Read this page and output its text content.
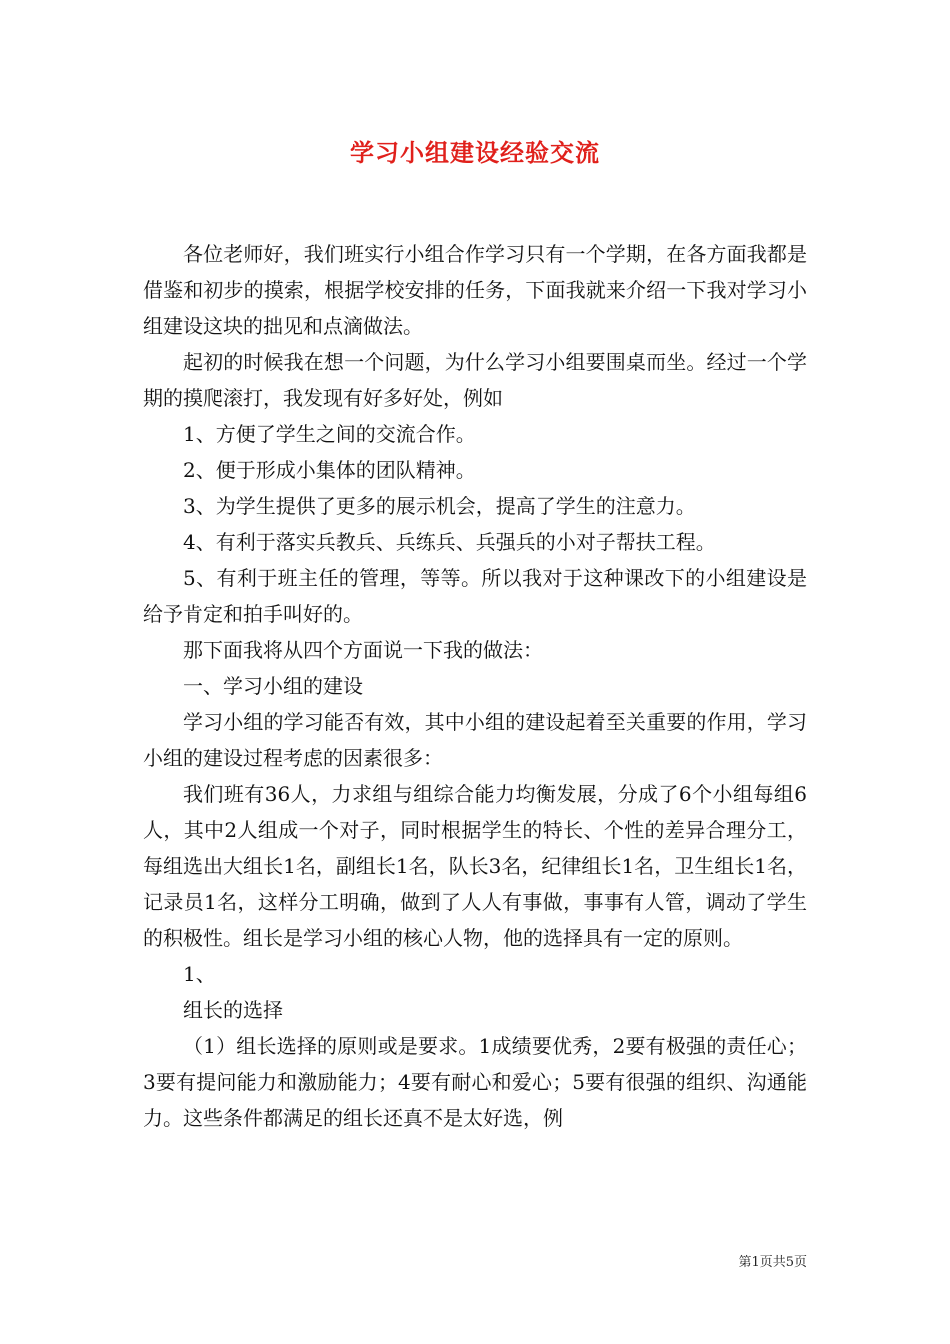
学习小组建设经验交流

各位老师好，我们班实行小组合作学习只有一个学期，在各方面我都是借鉴和初步的摸索，根据学校安排的任务，下面我就来介绍一下我对学习小组建设这块的拙见和点滴做法。

起初的时候我在想一个问题，为什么学习小组要围桌而坐。经过一个学期的摸爬滚打，我发现有好多好处，例如

1、方便了学生之间的交流合作。

2、便于形成小集体的团队精神。

3、为学生提供了更多的展示机会，提高了学生的注意力。

4、有利于落实兵教兵、兵练兵、兵强兵的小对子帮扶工程。

5、有利于班主任的管理，等等。所以我对于这种课改下的小组建设是给予肯定和拍手叫好的。

那下面我将从四个方面说一下我的做法：

一、学习小组的建设

学习小组的学习能否有效，其中小组的建设起着至关重要的作用，学习小组的建设过程考虑的因素很多：

我们班有36人，力求组与组综合能力均衡发展，分成了6个小组每组6人，其中2人组成一个对子，同时根据学生的特长、个性的差异合理分工，每组选出大组长1名，副组长1名，队长3名，纪律组长1名，卫生组长1名，记录员1名，这样分工明确，做到了人人有事做，事事有人管，调动了学生的积极性。组长是学习小组的核心人物，他的选择具有一定的原则。

1、

组长的选择

（1）组长选择的原则或是要求。1成绩要优秀，2要有极强的责任心；3要有提问能力和激励能力；4要有耐心和爱心；5要有很强的组织、沟通能力。这些条件都满足的组长还真不是太好选，例

第1页共5页
